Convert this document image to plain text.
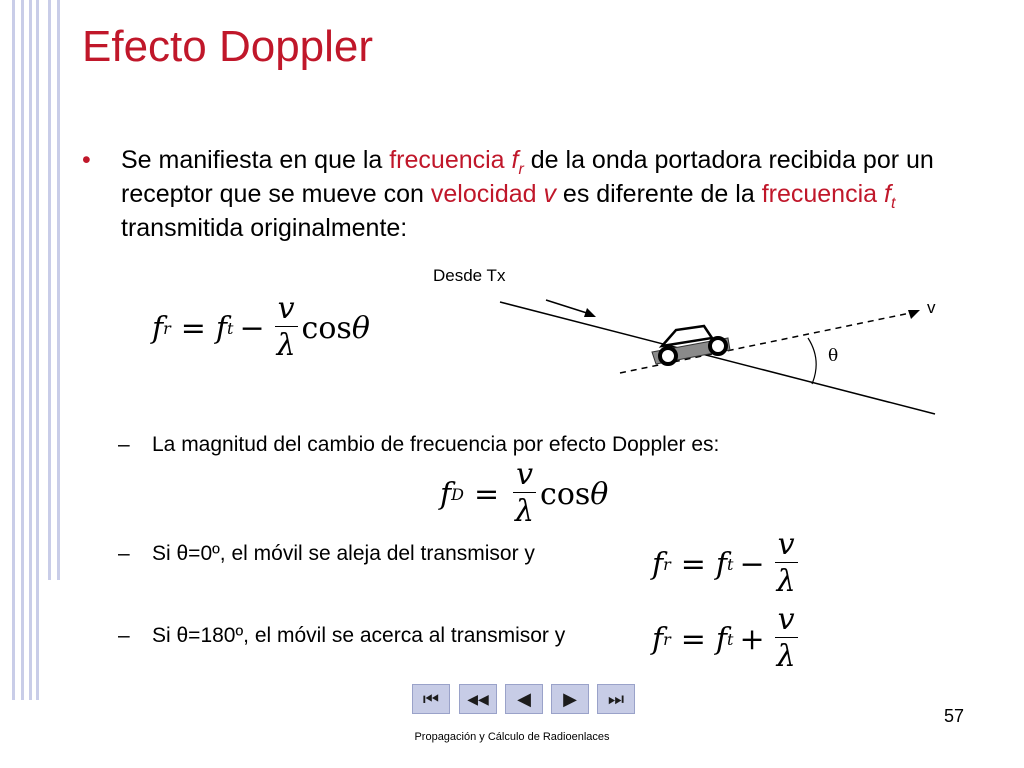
Efecto Doppler
• Se manifiesta en que la frecuencia $f_r$ de la onda portadora recibida por un receptor que se mueve con velocidad v es diferente de la frecuencia $f_t$ transmitida originalmente:
f r = f $t - \frac{v}{\lambda}$ cos θ
Desde Tx
v
θ
– La magnitud del cambio de frecuencia por efecto Doppler es:
f $D = \frac{v}{\lambda}$ cos θ
– Si θ=0º, el móvil se aleja del transmisor y	f r = f $t - \frac{v}{\lambda}$
– Si θ=180º, el móvil se acerca al transmisor y	f r = f $t + \frac{v}{\lambda}$
⏮ ◀◀ ◀ ▶ ⏭
57
Propagación y Cálculo de Radioenlaces
